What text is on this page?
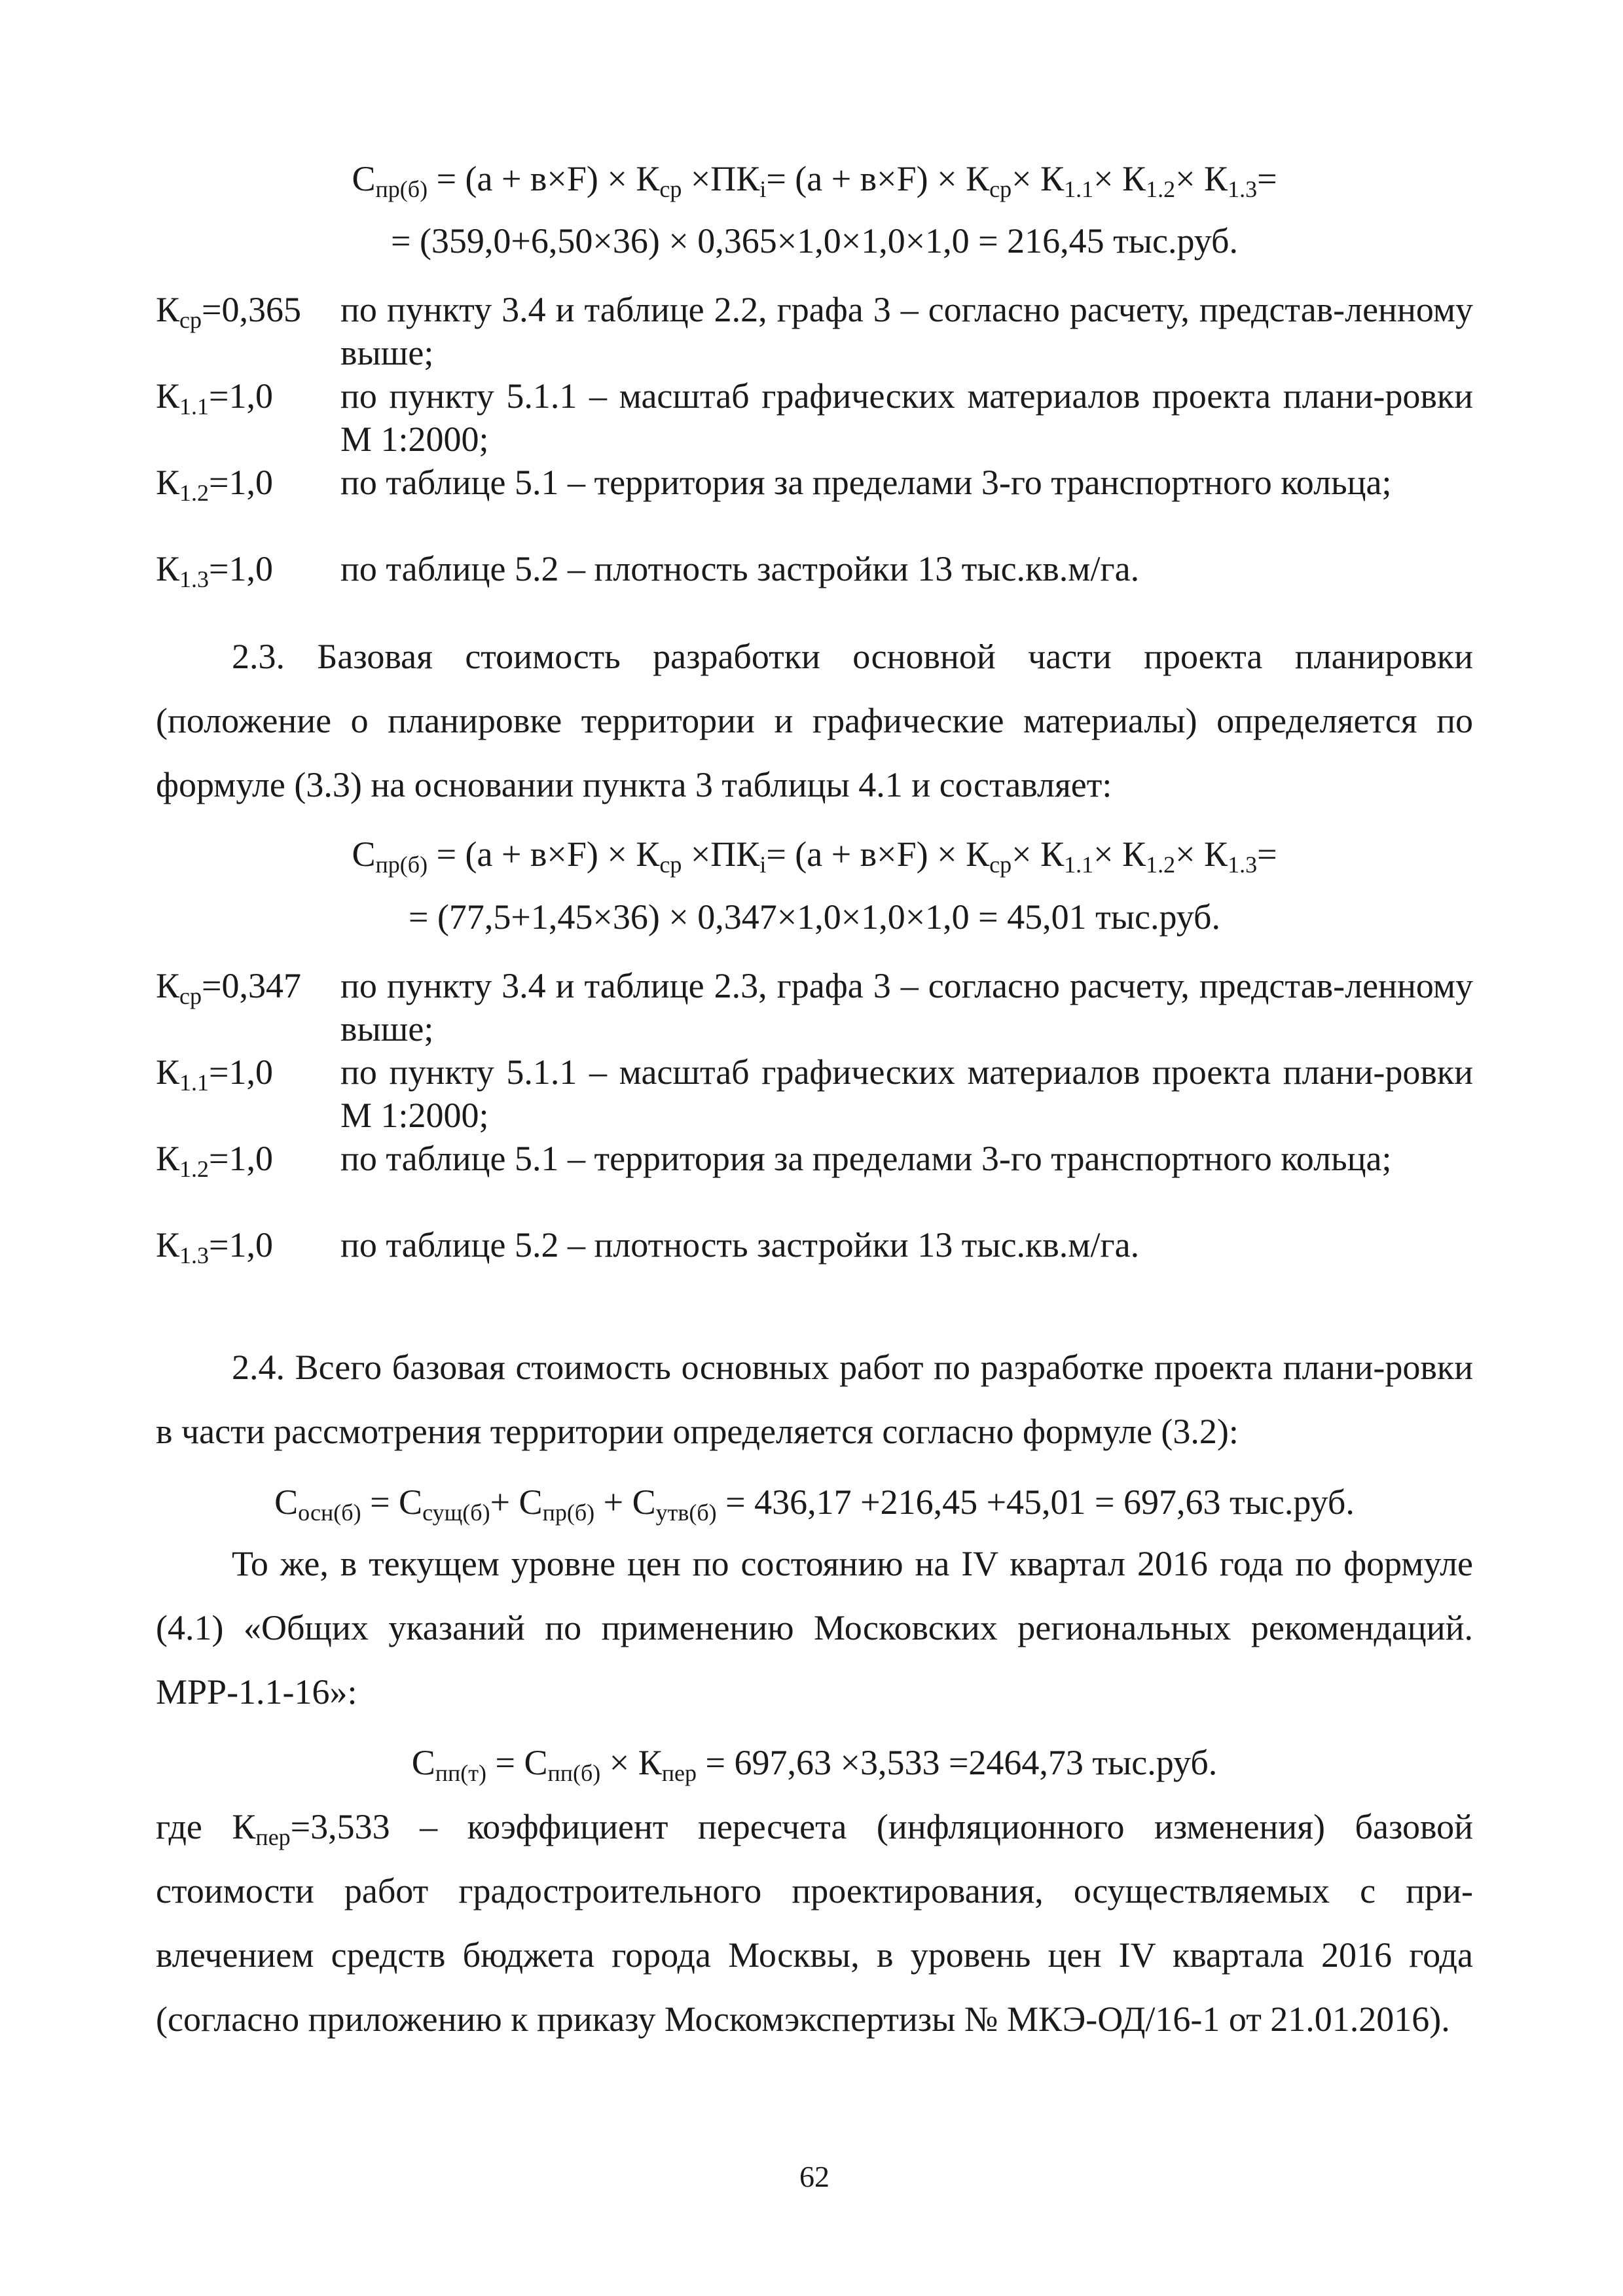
$С_{пр(б)} = (а + в\times F) \times К_{ср} \times ПК_i= (а + в\times F) \times К_{ср}\times К_{1.1}\times К_{1.2}\times К_{1.3}=$
= (359,0+6,50×36) × 0,365×1,0×1,0×1,0 = 216,45 тыс.руб.
$К_{ср}=0,365$ по пункту 3.4 и таблице 2.2, графа 3 – согласно расчету, представ-ленному выше;
$К_{1.1}=1,0$ по пункту 5.1.1 – масштаб графических материалов проекта плани-ровки М 1:2000;
$К_{1.2}=1,0$ по таблице 5.1 – территория за пределами 3-го транспортного кольца;
$К_{1.3}=1,0$ по таблице 5.2 – плотность застройки 13 тыс.кв.м/га.
2.3. Базовая стоимость разработки основной части проекта планировки (положение о планировке территории и графические материалы) определяется по формуле (3.3) на основании пункта 3 таблицы 4.1 и составляет:
$С_{пр(б)} = (а + в\times F) \times К_{ср} \times ПК_i= (а + в\times F) \times К_{ср}\times К_{1.1}\times К_{1.2}\times К_{1.3}=$
= (77,5+1,45×36) × 0,347×1,0×1,0×1,0 = 45,01 тыс.руб.
$К_{ср}=0,347$ по пункту 3.4 и таблице 2.3, графа 3 – согласно расчету, представ-ленному выше;
$К_{1.1}=1,0$ по пункту 5.1.1 – масштаб графических материалов проекта плани-ровки М 1:2000;
$К_{1.2}=1,0$ по таблице 5.1 – территория за пределами 3-го транспортного кольца;
$К_{1.3}=1,0$ по таблице 5.2 – плотность застройки 13 тыс.кв.м/га.
2.4. Всего базовая стоимость основных работ по разработке проекта плани-ровки в части рассмотрения территории определяется согласно формуле (3.2):
$С_{осн(б)} = С_{сущ(б)}+ С_{пр(б)} + С_{утв(б)} = 436,17 +216,45 +45,01 = 697,63$ тыс.руб.
То же, в текущем уровне цен по состоянию на IV квартал 2016 года по формуле (4.1) «Общих указаний по применению Московских региональных рекомендаций. МРР-1.1-16»:
$С_{пп(т)} = С_{пп(б)} \times К_{пер} = 697,63 \times 3,533 =2464,73$ тыс.руб.
где $К_{пер}=3,533$ – коэффициент пересчета (инфляционного изменения) базовой стоимости работ градостроительного проектирования, осуществляемых с при-влечением средств бюджета города Москвы, в уровень цен IV квартала 2016 года (согласно приложению к приказу Москомэкспертизы № МКЭ-ОД/16-1 от 21.01.2016).
62
